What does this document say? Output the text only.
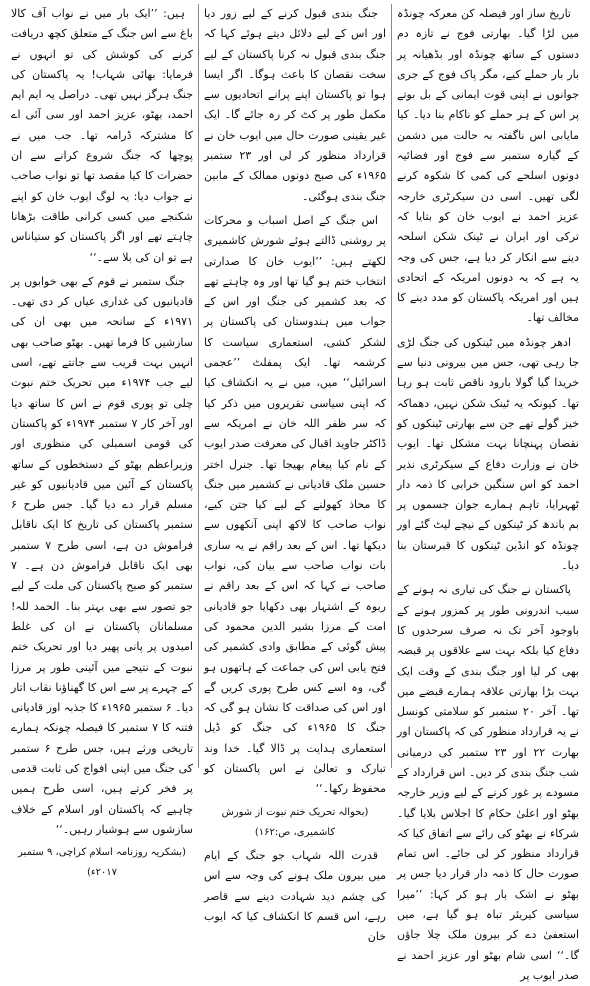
تاریخ ساز اور فیصلہ کن معرکہ چونڈہ میں لڑا گیا۔ بھارتی فوج نے تازہ دم دستوں کے ساتھ چونڈہ اور بڈھیانہ پر بار بار حملے کیے، مگر پاک فوج کے جری جوانوں نے اپنی قوت ایمانی کے بل بوتے پر اس کے ہر حملے کو ناکام بنا دیا۔ کیا مایابی اس ناگفتہ بہ حالت میں دشمن کے گیارہ ستمبر سے فوج اور فضائیہ دونوں اسلحے کی کمی کا شکوہ کرنے لگی تھیں۔ اسی دن سیکرٹری خارجہ عزیز احمد نے ایوب خان کو بتایا کہ ترکی اور ایران نے ٹینک شکن اسلحہ دینے سے انکار کر دیا ہے، جس کی وجہ یہ ہے کہ یہ دونوں امریکہ کے اتحادی ہیں اور امریکہ پاکستان کو مدد دینے کا مخالف تھا۔

ادھر چونڈہ میں ٹینکوں کی جنگ لڑی جا رہی تھی، جس میں بیرونی دنیا سے خریدا گیا گولا بارود ناقص ثابت ہو رہا تھا۔ کیونکہ یہ ٹینک شکن نہیں، دھماکہ خیز گولے تھے جن سے بھارتی ٹینکوں کو نقصان پہنچانا بہت مشکل تھا۔ ایوب خان نے وزارت دفاع کے سیکرٹری نذیر احمد کو اس سنگین خرابی کا ذمہ دار ٹھہرایا، تاہم ہمارے جوان جسموں پر بم باندھ کر ٹینکوں کے نیچے لیٹ گئے اور چونڈہ کو انڈین ٹینکوں کا قبرستان بنا دیا۔

پاکستان نے جنگ کی تیاری نہ ہونے کے سبب اندرونی طور پر کمزور ہونے کے باوجود آخر تک نہ صرف سرحدوں کا دفاع کیا بلکہ بہت سے علاقوں پر قبضہ بھی کر لیا اور جنگ بندی کے وقت ایک بہت بڑا بھارتی علاقہ ہمارے قبضے میں تھا۔ آخر ۲۰ ستمبر کو سلامتی کونسل نے یہ قرارداد منظور کی کہ پاکستان اور بھارت ۲۲ اور ۲۳ ستمبر کی درمیانی شب جنگ بندی کر دیں۔ اس قرارداد کے مسودے پر غور کرنے کے لیے وزیر خارجہ بھٹو اور اعلیٰ حکام کا اجلاس بلایا گیا۔ شرکاء نے بھٹو کی رائے سے اتفاق کیا کہ قرارداد منظور کر لی جائے۔ اس تمام صورت حال کا ذمہ دار قرار دیا جس پر بھٹو نے اشک بار ہو کر کہا: ’’میرا سیاسی کیریئر تباہ ہو گیا ہے، میں استعفیٰ دے کر بیرون ملک چلا جاؤں گا۔‘‘ اسی شام بھٹو اور عزیز احمد نے صدر ایوب پر

جنگ بندی قبول کرنے کے لیے زور دیا اور اس کے لیے دلائل دیتے ہوئے کہا کہ جنگ بندی قبول نہ کرنا پاکستان کے لیے سخت نقصان کا باعث ہوگا۔ اگر ایسا ہوا تو پاکستان اپنے پرانے اتحادیوں سے مکمل طور پر کٹ کر رہ جائے گا۔ ایک غیر یقینی صورت حال میں ایوب خان نے قرارداد منظور کر لی اور ۲۳ ستمبر ۱۹۶۵ء کی صبح دونوں ممالک کے مابین جنگ بندی ہوگئی۔

اس جنگ کے اصل اسباب و محرکات پر روشنی ڈالتے ہوئے شورش کاشمیری لکھتے ہیں: ’’ایوب خان کا صدارتی انتخاب ختم ہو گیا تھا اور وہ چاہتے تھے کہ بعد کشمیر کی جنگ اور اس کے جواب میں ہندوستان کی پاکستان پر لشکر کشی، استعماری سیاست کا کرشمہ تھا۔ ایک پمفلٹ ’’عجمی اسرائیل‘‘ میں، میں نے یہ انکشاف کیا کہ اپنی سیاسی تقریروں میں ذکر کیا کہ سر ظفر اللہ خان نے امریکہ سے ڈاکٹر جاوید اقبال کی معرفت صدر ایوب کے نام کیا پیغام بھیجا تھا۔ جنرل اختر حسین ملک قادیانی نے کشمیر میں جنگ کا محاذ کھولنے کے لیے کیا جتن کیے، نواب صاحب کا لاکھ اپنی آنکھوں سے دیکھا تھا۔ اس کے بعد راقم نے یہ ساری بات نواب صاحب سے بیان کی، نواب صاحب نے کہا کہ اس کے بعد راقم نے ربوہ کے اشتہار بھی دکھایا جو قادیانی امت کے مرزا بشیر الدین محمود کی پیش گوئی کے مطابق وادی کشمیر کی فتح یابی اس کی جماعت کے ہاتھوں ہو گی، وہ اسے کس طرح پوری کریں گے اور اس کی صداقت کا نشان ہو گی کہ جنگ کا ۱۹۶۵ء کی جنگ کو ڈیل استعماری ہدایت پر ڈالا گیا۔ خدا وند تبارک و تعالیٰ نے اس پاکستان کو محفوظ رکھا۔‘‘

(بحوالہ تحریک ختم نبوت از شورش کاشمیری، ص:۱۶۲)

قدرت اللہ شہاب جو جنگ کے ایام میں بیرون ملک ہونے کی وجہ سے اس کی چشم دید شہادت دینے سے قاصر رہے، اس قسم کا انکشاف کیا کہ ایوب خان

ہیں: ’’ایک بار میں نے نواب آف کالا باغ سے اس جنگ کے متعلق کچھ دریافت کرنے کی کوشش کی تو انہوں نے فرمایا: بھائی شہاب! یہ پاکستان کی جنگ ہرگز نہیں تھی۔ دراصل یہ ایم ایم احمد، بھٹو، عزیز احمد اور سی آئی اے کا مشترکہ ڈرامہ تھا۔ جب میں نے پوچھا کہ جنگ شروع کرانے سے ان حضرات کا کیا مقصد تھا تو نواب صاحب نے جواب دیا: یہ لوگ ایوب خان کو اپنے شکنجے میں کسی کرانی طاقت بڑھانا چاہتے تھے اور اگر پاکستان کو ستیاناس ہے تو ان کی بلا سے۔‘‘

جنگ ستمبر نے قوم کے بھی خوابوں پر قادیانیوں کی غداری عیاں کر دی تھی۔ ۱۹۷۱ء کے سانحہ میں بھی ان کی سازشیں کا فرما تھیں۔ بھٹو صاحب بھی انہیں بہت قریب سے جانتے تھے، اسی لیے جب ۱۹۷۴ء میں تحریک ختم نبوت چلی تو پوری قوم نے اس کا ساتھ دیا اور آخر کار ۷ ستمبر ۱۹۷۴ء کو پاکستان کی قومی اسمبلی کی منظوری اور وزیراعظم بھٹو کے دستخطوں کے ساتھ پاکستان کے آئین میں قادیانیوں کو غیر مسلم قرار دے دیا گیا۔ جس طرح ۶ ستمبر پاکستان کی تاریخ کا ایک ناقابل فراموش دن ہے، اسی طرح ۷ ستمبر بھی ایک ناقابل فراموش دن ہے۔ ۷ ستمبر کو صبح پاکستان کی ملت کے لیے جو تصور سے بھی بہتر بنا۔ الحمد للہ! مسلمانان پاکستان نے ان کی غلط امیدوں پر پانی پھیر دیا اور تحریک ختم نبوت کے نتیجے میں آئینی طور پر مرزا کے چہرے پر سے اس کا گھناؤنا نقاب اتار دیا۔ ۶ ستمبر ۱۹۶۵ء کا جذبہ اور قادیانی فتنہ کا ۷ ستمبر کا فیصلہ چونکہ ہمارے تاریخی ورثے ہیں، جس طرح ۶ ستمبر کی جنگ میں اپنی افواج کی ثابت قدمی پر فخر کرتے ہیں، اسی طرح ہمیں چاہیے کہ پاکستان اور اسلام کے خلاف سازشوں سے ہوشیار رہیں۔‘‘

(بشکریہ روزنامہ اسلام کراچی، ۹ ستمبر ۲۰۱۷ء)
